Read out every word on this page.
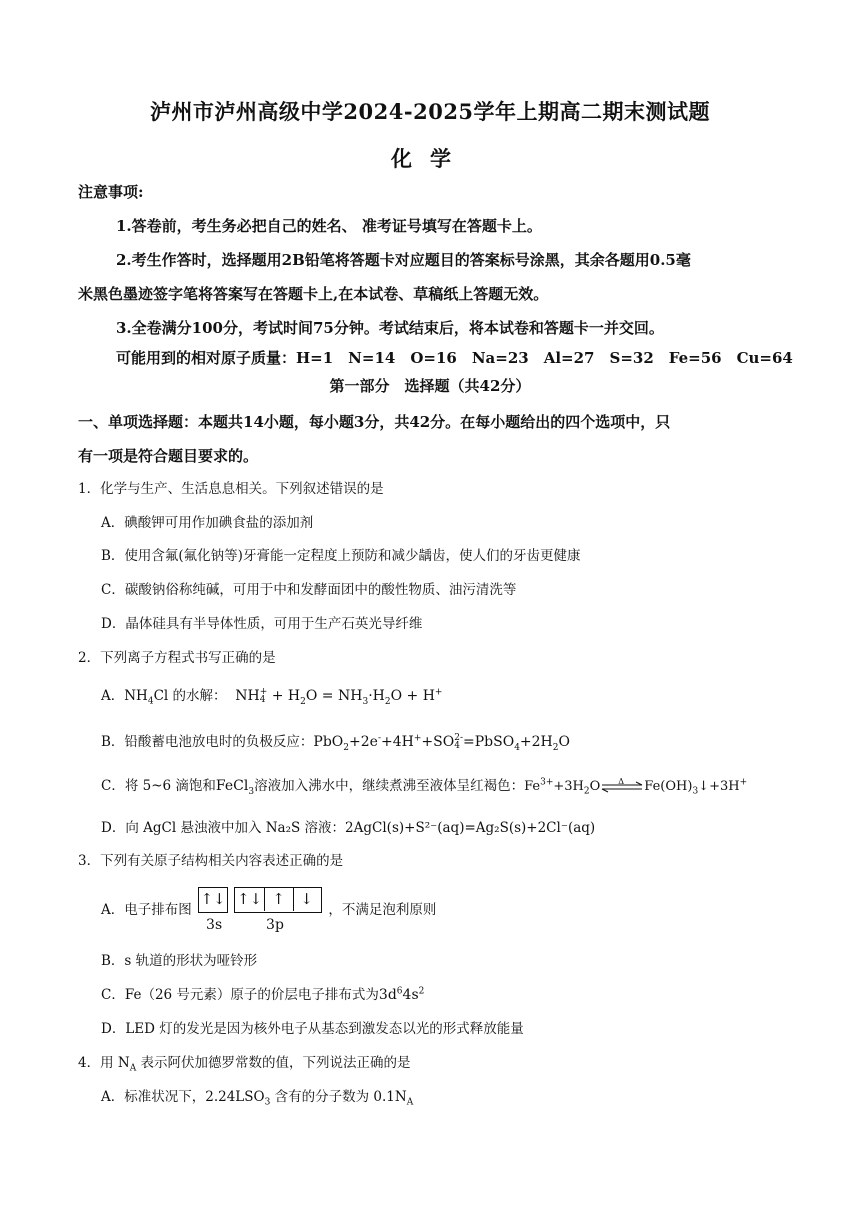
泸州市泸州高级中学2024-2025学年上期高二期末测试题
化学
注意事项:
1.答卷前，考生务必把自己的姓名、 准考证号填写在答题卡上。
2.考生作答时，选择题用2B铅笔将答题卡对应题目的答案标号涂黑，其余各题用0.5毫
米黑色墨迹签字笔将答案写在答题卡上,在本试卷、草稿纸上答题无效。
3.全卷满分100分，考试时间75分钟。考试结束后，将本试卷和答题卡一并交回。
可能用到的相对原子质量：H=1　N=14　O=16　Na=23　Al=27　S=32　Fe=56　Cu=64
第一部分　选择题（共42分）
一、单项选择题：本题共14小题，每小题3分，共42分。在每小题给出的四个选项中，只
有一项是符合题目要求的。
1．化学与生产、生活息息相关。下列叙述错误的是
A．碘酸钾可用作加碘食盐的添加剂
B．使用含氟(氟化钠等)牙膏能一定程度上预防和减少龋齿，使人们的牙齿更健康
C．碳酸钠俗称纯碱，可用于中和发酵面团中的酸性物质、油污清洗等
D．晶体硅具有半导体性质，可用于生产石英光导纤维
2．下列离子方程式书写正确的是
A．$NH_4Cl$ 的水解：  NH +
$4 + H_2O = NH_3\cdot H_2O + H^+$
B．铅酸蓄电池放电时的负极反应：PbO$_2$+2e-+4H++SO 2-
$4 =PbSO_4+2H_2O$
C．将 5~6 滴饱和FeCl$_3$溶液加入沸水中，继续煮沸至液体呈红褐色：$Fe^{3+}+3H_2O$ Δ $Fe(OH)_3↓+3H^+$
D．向 AgCl 悬浊液中加入 Na₂S 溶液：2AgCl(s)+S²⁻(aq)=Ag₂S(s)+2Cl⁻(aq)
3．下列有关原子结构相关内容表述正确的是
A．电子排布图
↑↓ ↑↓ ↑	↓
3s	3p
，不满足泡利原则
B．s 轨道的形状为哑铃形
C．Fe（26 号元素）原子的价层电子排布式为$3d^64s^2$
D．LED 灯的发光是因为核外电子从基态到激发态以光的形式释放能量
4．用 $N_A$ 表示阿伏加德罗常数的值，下列说法正确的是
A．标准状况下，$2.24LSO_3$ 含有的分子数为 $0.1N_A$
